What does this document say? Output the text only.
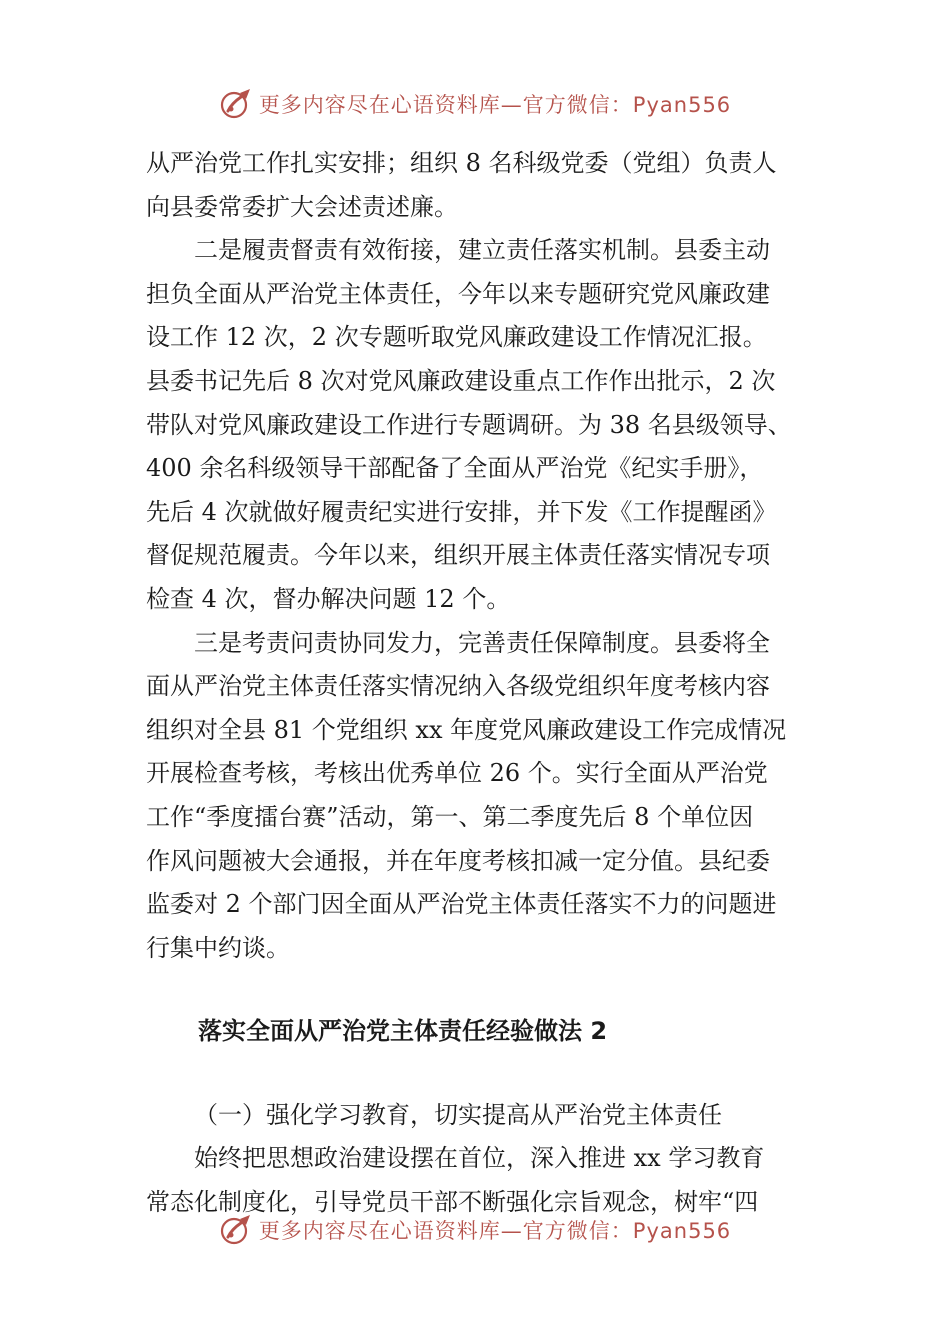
更多内容尽在心语资料库—官方微信：Pyan556

从严治党工作扎实安排；组织 8 名科级党委（党组）负责人
向县委常委扩大会述责述廉。

二是履责督责有效衔接，建立责任落实机制。县委主动
担负全面从严治党主体责任，今年以来专题研究党风廉政建
设工作 12 次，2 次专题听取党风廉政建设工作情况汇报。
县委书记先后 8 次对党风廉政建设重点工作作出批示，2 次
带队对党风廉政建设工作进行专题调研。为 38 名县级领导、
400 余名科级领导干部配备了全面从严治党《纪实手册》，
先后 4 次就做好履责纪实进行安排，并下发《工作提醒函》
督促规范履责。今年以来，组织开展主体责任落实情况专项
检查 4 次，督办解决问题 12 个。

三是考责问责协同发力，完善责任保障制度。县委将全
面从严治党主体责任落实情况纳入各级党组织年度考核内容
组织对全县 81 个党组织 xx 年度党风廉政建设工作完成情况
开展检查考核，考核出优秀单位 26 个。实行全面从严治党
工作“季度擂台赛”活动，第一、第二季度先后 8 个单位因
作风问题被大会通报，并在年度考核扣减一定分值。县纪委
监委对 2 个部门因全面从严治党主体责任落实不力的问题进
行集中约谈。

落实全面从严治党主体责任经验做法 2

（一）强化学习教育，切实提高从严治党主体责任

始终把思想政治建设摆在首位，深入推进 xx 学习教育
常态化制度化，引导党员干部不断强化宗旨观念，树牢“四

更多内容尽在心语资料库—官方微信：Pyan556
